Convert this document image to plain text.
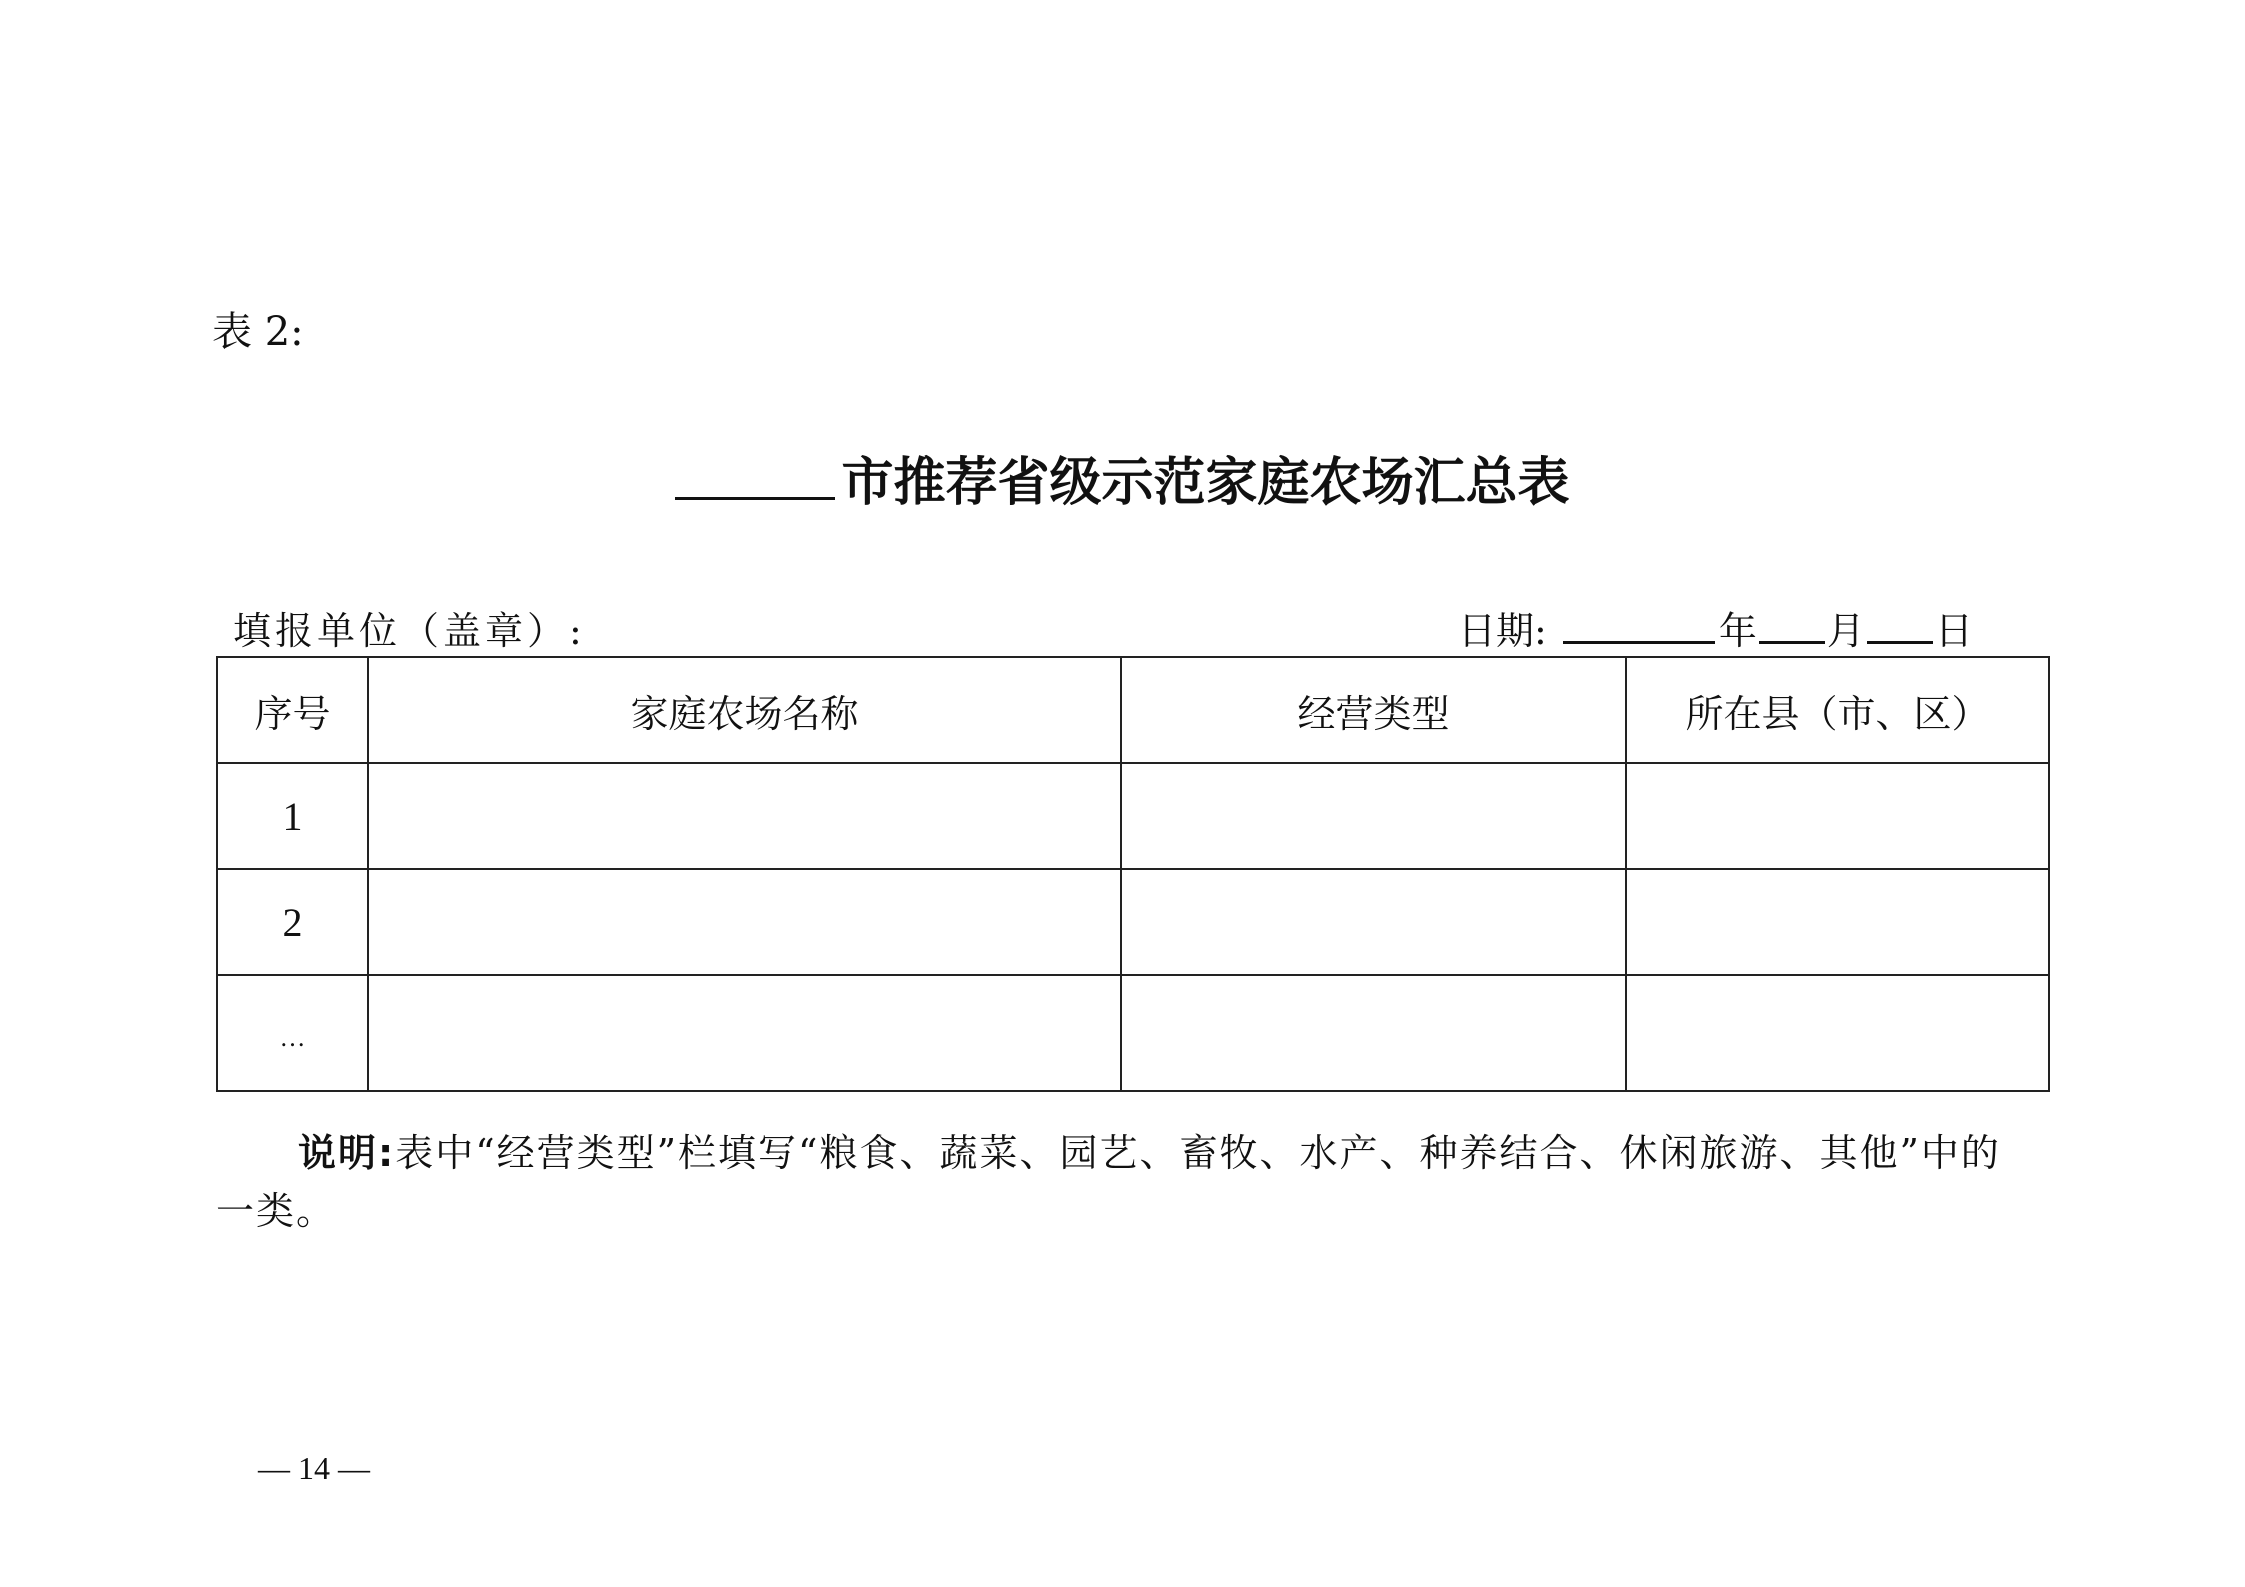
表 2:
市推荐省级示范家庭农场汇总表
填报单位（盖章）:	日期:	年 月 日
序号	家庭农场名称	经营类型	所在县（市、区）
1			
2			
…			
说明:表中“经营类型”栏填写“粮食、蔬菜、园艺、畜牧、水产、种养结合、休闲旅游、其他”中的一类。
— 14 —
